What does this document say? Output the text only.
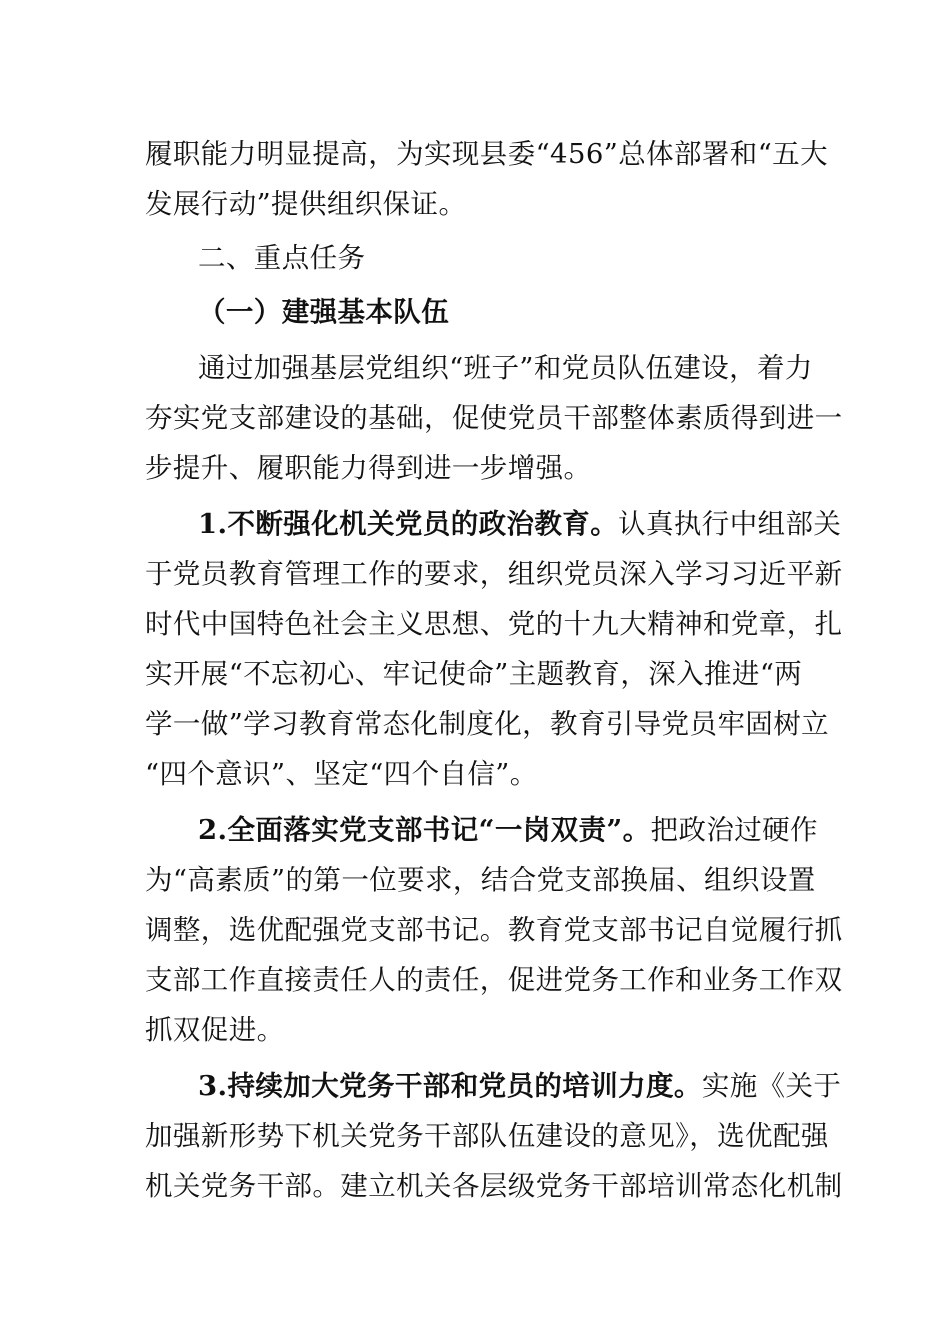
履职能力明显提高，为实现县委“456”总体部署和“五大
发展行动”提供组织保证。
二、重点任务
（一）建强基本队伍
通过加强基层党组织“班子”和党员队伍建设，着力
夯实党支部建设的基础，促使党员干部整体素质得到进一
步提升、履职能力得到进一步增强。
1.不断强化机关党员的政治教育。认真执行中组部关
于党员教育管理工作的要求，组织党员深入学习习近平新
时代中国特色社会主义思想、党的十九大精神和党章，扎
实开展“不忘初心、牢记使命”主题教育，深入推进“两
学一做”学习教育常态化制度化，教育引导党员牢固树立
“四个意识”、坚定“四个自信”。
2.全面落实党支部书记“一岗双责”。把政治过硬作
为“高素质”的第一位要求，结合党支部换届、组织设置
调整，选优配强党支部书记。教育党支部书记自觉履行抓
支部工作直接责任人的责任，促进党务工作和业务工作双
抓双促进。
3.持续加大党务干部和党员的培训力度。实施《关于
加强新形势下机关党务干部队伍建设的意见》，选优配强
机关党务干部。建立机关各层级党务干部培训常态化机制
